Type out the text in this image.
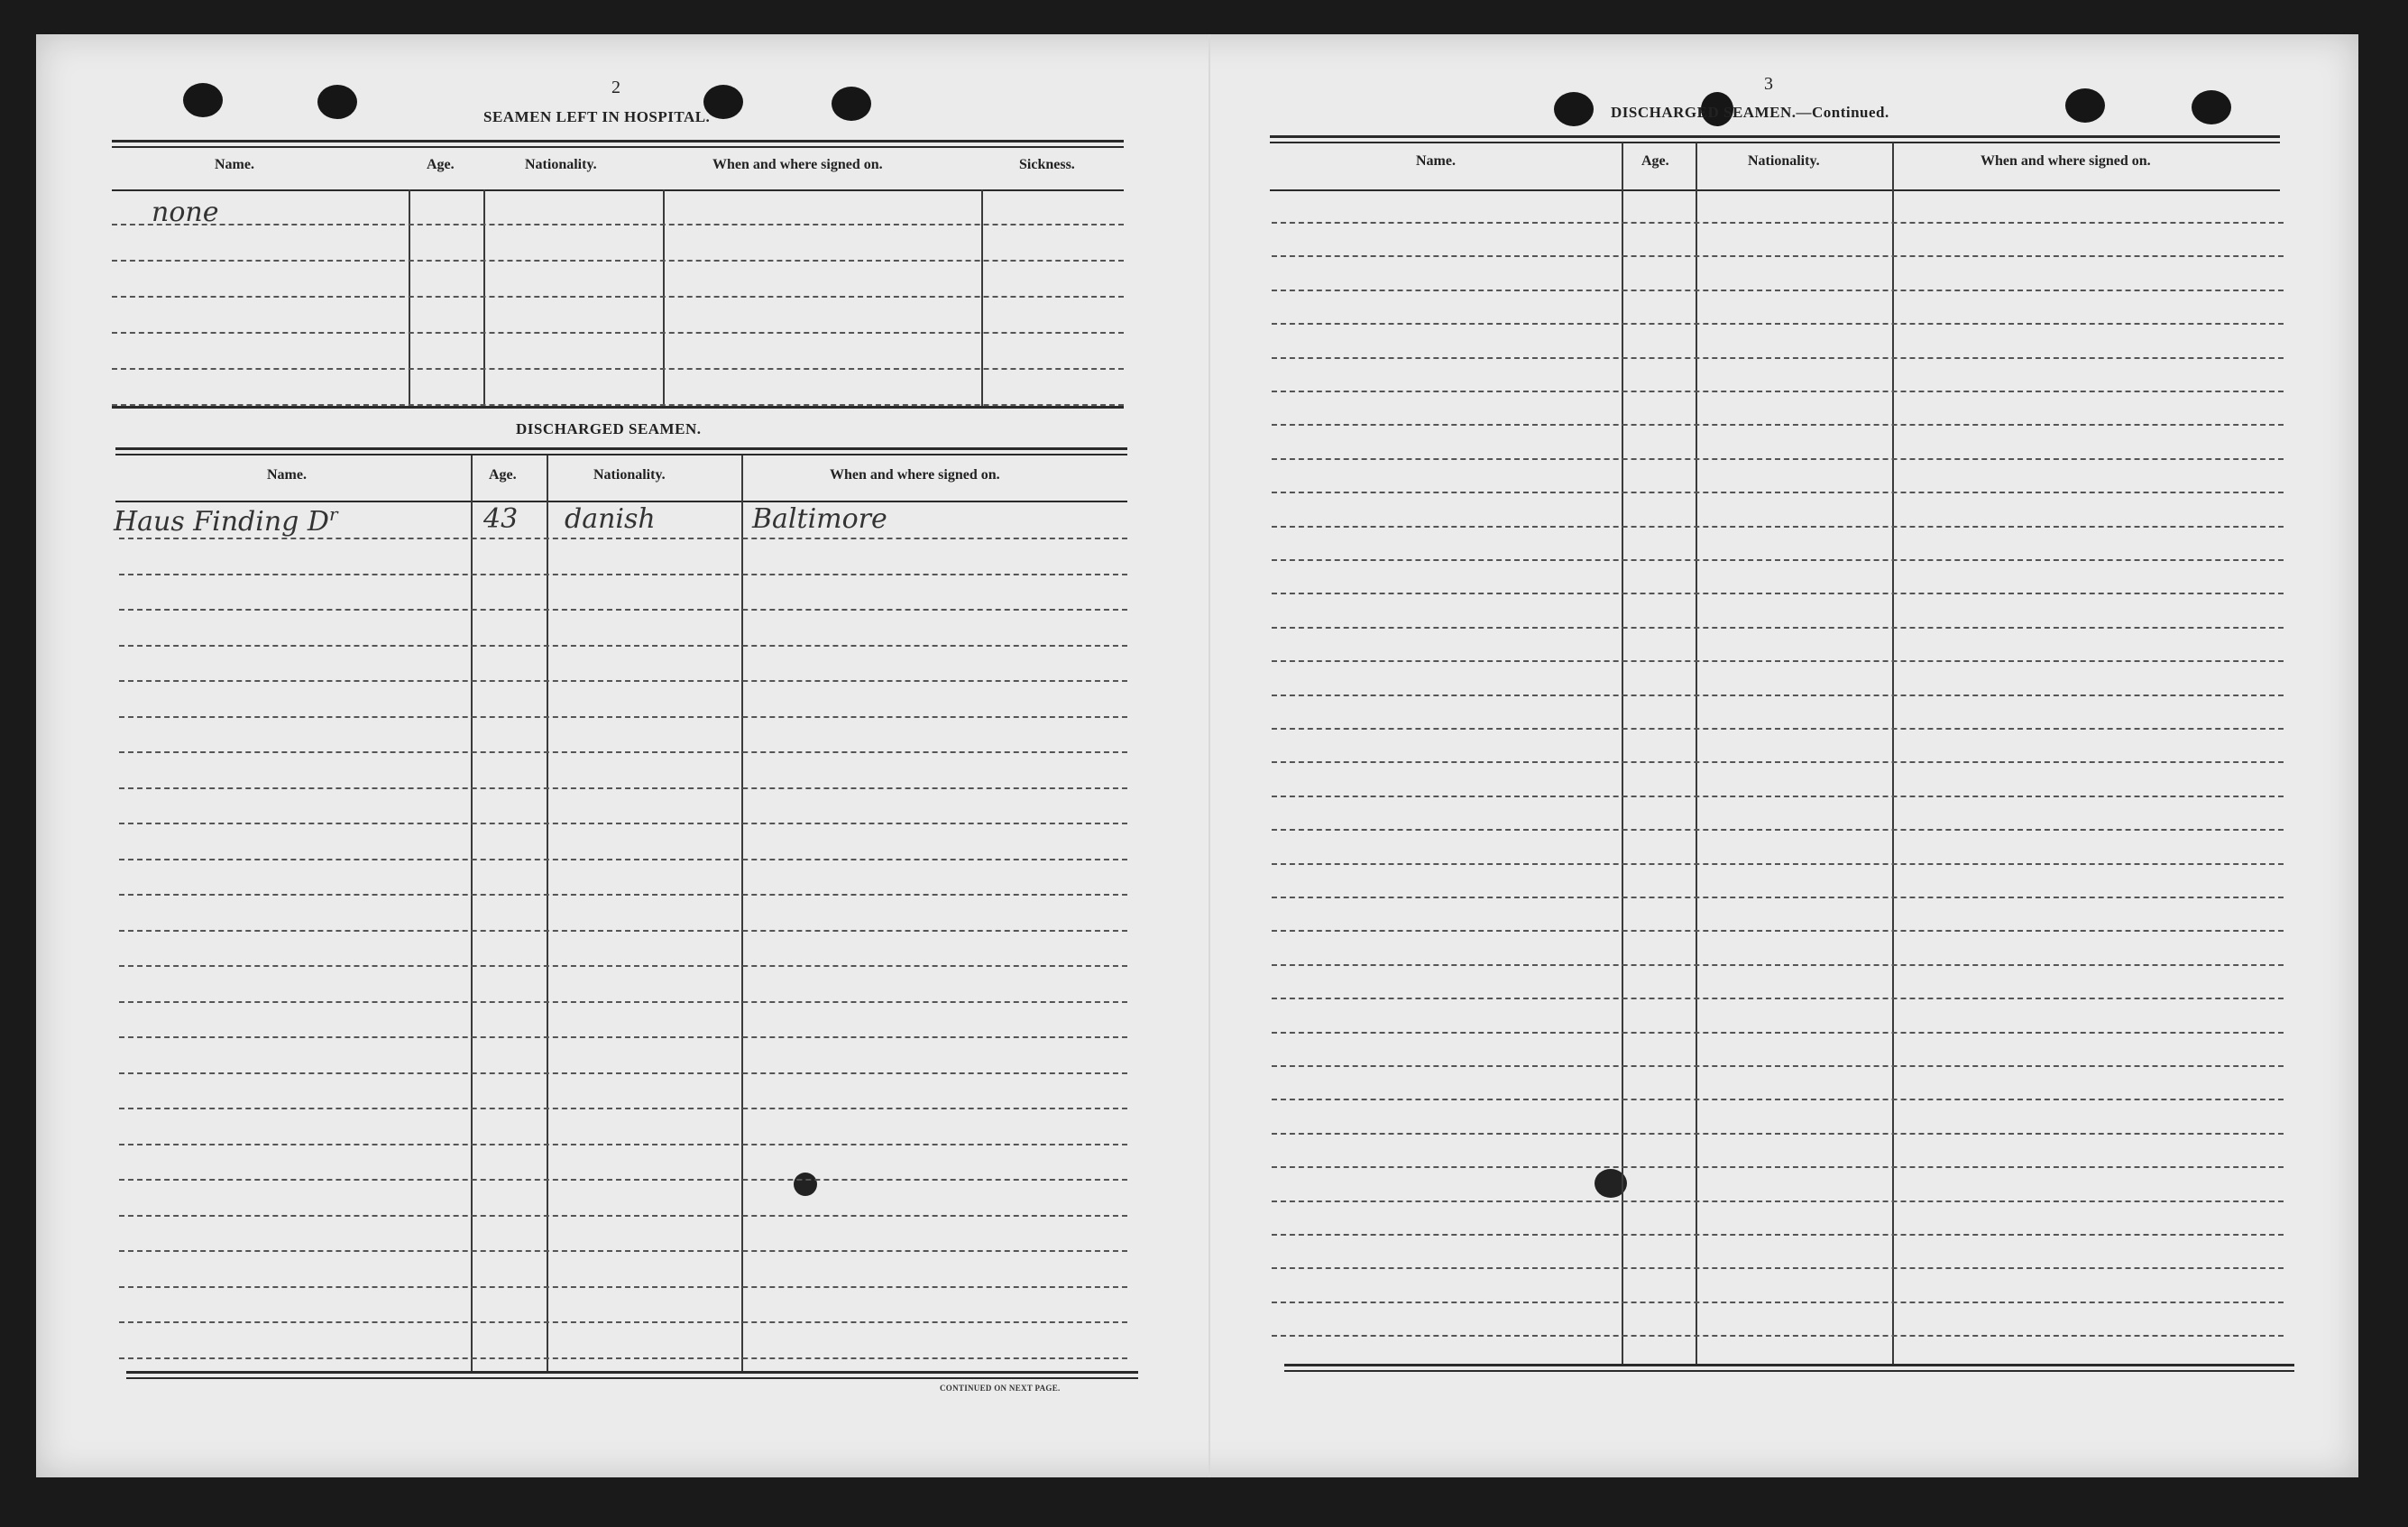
2
SEAMEN LEFT IN HOSPITAL.
Name.	Age.	Nationality.	When and where signed on.	Sickness.
none
DISCHARGED SEAMEN.
Name.	Age.	Nationality.	When and where signed on.
Haus Finding $D^r$	43 danish	Baltimore
CONTINUED ON NEXT PAGE.
3
DISCHARGED SEAMEN.—Continued.
Name.	Age.	Nationality.	When and where signed on.
